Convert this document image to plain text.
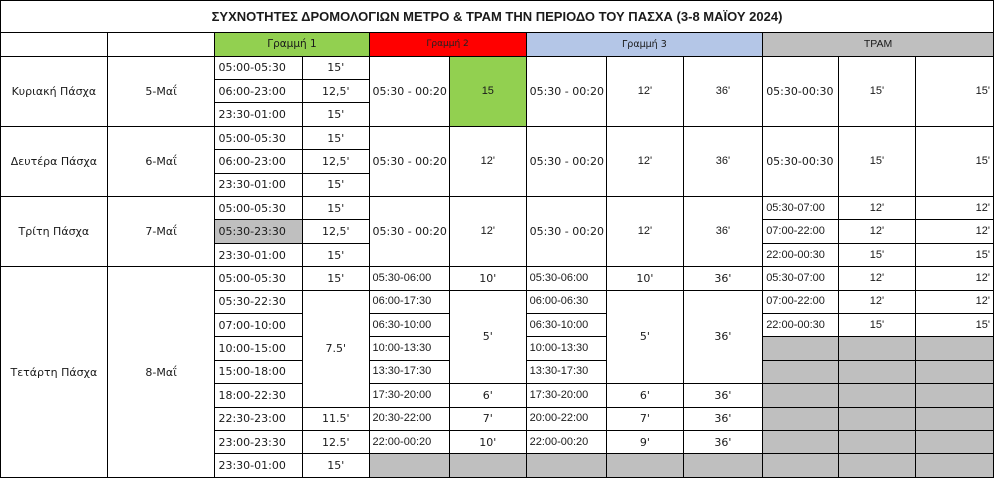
ΣΥΧΝΟΤΗΤΕΣ ΔΡΟΜΟΛΟΓΙΩΝ ΜΕΤΡΟ & ΤΡΑΜ ΤΗΝ ΠΕΡΙΟΔΟ ΤΟΥ ΠΑΣΧΑ (3-8 ΜΑΪΟΥ 2024)											
		Γραμμή 1		Γραμμή 2		Γραμμή 3			ΤΡΑΜ		
Κυριακή Πάσχα	5-Μαΐ	05:00-05:30	15'	05:30 - 00:20	15	05:30 - 00:20	12'	36'	05:30-00:30	15'	15'
		06:00-23:00	12,5'								
		23:30-01:00	15'								
Δευτέρα Πάσχα	6-Μαΐ	05:00-05:30	15'	05:30 - 00:20	12'	05:30 - 00:20	12'	36'	05:30-00:30	15'	15'
		06:00-23:00	12,5'								
		23:30-01:00	15'								
Τρίτη Πάσχα	7-Μαΐ	05:00-05:30	15'	05:30 - 00:20	12'	05:30 - 00:20	12'	36'	05:30-07:00	12'	12'
		05:30-23:30	12,5'						07:00-22:00	12'	12'
		23:30-01:00	15'						22:00-00:30	15'	15'
Τετάρτη Πάσχα	8-Μαΐ	05:00-05:30	15'	05:30-06:00	10'	05:30-06:00	10'	36'	05:30-07:00	12'	12'
		05:30-22:30	7.5'	06:00-17:30	5'	06:00-06:30	5'	36'	07:00-22:00	12'	12'
		07:00-10:00		06:30-10:00		06:30-10:00			22:00-00:30	15'	15'
		10:00-15:00		10:00-13:30		10:00-13:30					
		15:00-18:00		13:30-17:30		13:30-17:30					
		18:00-22:30		17:30-20:00	6'	17:30-20:00	6'	36'			
		22:30-23:00	11.5'	20:30-22:00	7'	20:00-22:00	7'	36'			
		23:00-23:30	12.5'	22:00-00:20	10'	22:00-00:20	9'	36'			
		23:30-01:00	15'								
